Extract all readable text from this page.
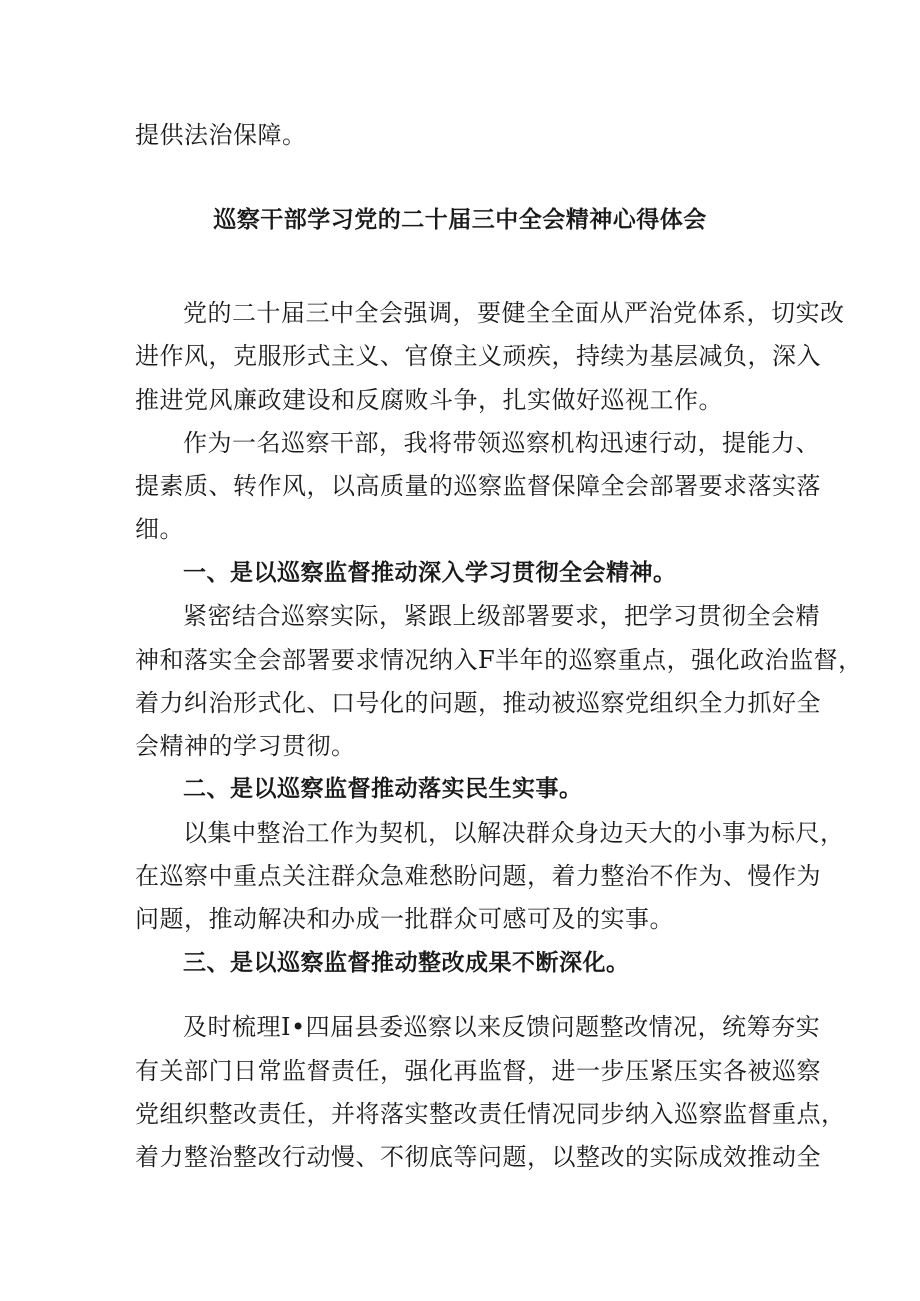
提供法治保障。
巡察干部学习党的二十届三中全会精神心得体会
党的二十届三中全会强调，要健全全面从严治党体系，切实改
进作风，克服形式主义、官僚主义顽疾，持续为基层减负，深入
推进党风廉政建设和反腐败斗争，扎实做好巡视工作。
作为一名巡察干部，我将带领巡察机构迅速行动，提能力、
提素质、转作风，以高质量的巡察监督保障全会部署要求落实落
细。
一、是以巡察监督推动深入学习贯彻全会精神。
紧密结合巡察实际，紧跟上级部署要求，把学习贯彻全会精
神和落实全会部署要求情况纳入F半年的巡察重点，强化政治监督，
着力纠治形式化、口号化的问题，推动被巡察党组织全力抓好全
会精神的学习贯彻。
二、是以巡察监督推动落实民生实事。
以集中整治工作为契机，以解决群众身边天大的小事为标尺，
在巡察中重点关注群众急难愁盼问题，着力整治不作为、慢作为
问题，推动解决和办成一批群众可感可及的实事。
三、是以巡察监督推动整改成果不断深化。
及时梳理I•四届县委巡察以来反馈问题整改情况，统筹夯实
有关部门日常监督责任，强化再监督，进一步压紧压实各被巡察
党组织整改责任，并将落实整改责任情况同步纳入巡察监督重点，
着力整治整改行动慢、不彻底等问题，以整改的实际成效推动全
